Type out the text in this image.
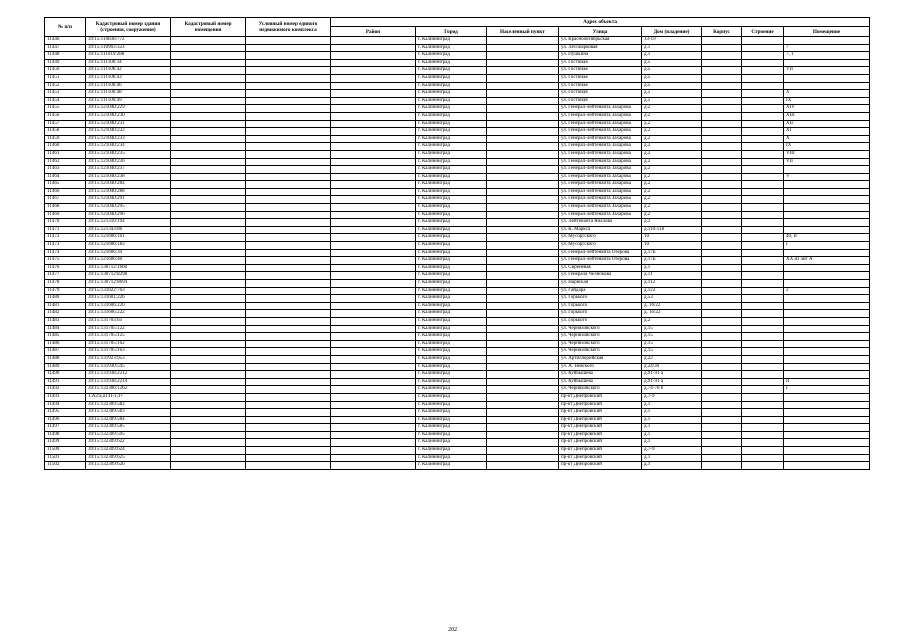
№ п/п	Кадастровый номер здания (строения, сооружения)	Кадастровый номер помещения	Условный номер единого недвижимого комплекса	Адрес объекта							
				Район	Город	Населенный пункт	Улица	Дом (владение)	Корпус	Строение	Помещение
11446	39:15:110838:772				г. Калининград		ул. Краснооктябрьская	13-19			
11447	39:15:110903:323				г. Калининград		ул. Лесопарковая	д.1			7
11448	39:15:111019:288				г. Калининград		ул. Пушкина	д.1			7, 1
11449	39:15:111106:34				г. Калининград		ул. Гостиная	д.5			
11450	39:15:111106:42				г. Калининград		ул. Гостиная	д.5			VII
11451	39:15:111106:43				г. Калининград		ул. Гостиная	д.5			
11452	39:15:111106:46				г. Калининград		ул. Гостиная	д.5			
11453	39:15:111106:48				г. Калининград		ул. Гостиная	д.5			X
11454	39:15:111106:49				г. Калининград		ул. Гостиная	д.5			IX
11455	39:15:121040:229				г. Калининград		ул. Генерал-лейтенанта Захарова	д.2			XIV
11456	39:15:121040:230				г. Калининград		ул. Генерал-лейтенанта Захарова	д.2			XIII
11457	39:15:121040:231				г. Калининград		ул. Генерал-лейтенанта Захарова	д.2			XII
11458	39:15:121040:232				г. Калининград		ул. Генерал-лейтенанта Захарова	д.2			XI
11459	39:15:121040:233				г. Калининград		ул. Генерал-лейтенанта Захарова	д.2			X
11460	39:15:121040:234				г. Калининград		ул. Генерал-лейтенанта Захарова	д.2			IX
11461	39:15:121040:235				г. Калининград		ул. Генерал-лейтенанта Захарова	д.2			VIII
11462	39:15:121040:236				г. Калининград		ул. Генерал-лейтенанта Захарова	д.2			VII
11463	39:15:121040:237				г. Калининград		ул. Генерал-лейтенанта Захарова	д.2			
11464	39:15:121040:238				г. Калининград		ул. Генерал-лейтенанта Захарова	д.2			V
11465	39:15:121040:284				г. Калининград		ул. Генерал-лейтенанта Захарова	д.2			
11466	39:15:121040:288				г. Калининград		ул. Генерал-лейтенанта Захарова	д.2			
11467	39:15:121040:291				г. Калининград		ул. Генерал-лейтенанта Захарова	д.2			
11468	39:15:121040:295				г. Калининград		ул. Генерал-лейтенанта Захарова	д.2			
11469	39:15:121040:296				г. Калининград		ул. Генерал-лейтенанта Захарова	д.2			
11470	39:15:121310:194				г. Калининград		ул. Лейтенанта Яналова	д.2			
11471	39:15:121343:86				г. Калининград		ул. К. Маркса	д.110-118			
11472	39:15:121606:161				г. Калининград		ул. Мусоргского	10			40, II
11473	39:15:121606:183				г. Калининград		ул. Мусоргского	10			I
11474	39:15:121606:39				г. Калининград		ул. Генерал-лейтенанта Озерова	д.17Б			
11475	39:15:121606:40				г. Калининград		ул. Генерал-лейтенанта Озерова	д.17Б			XX из лит А
11476	39:15:130712:1660				г. Калининград		ул. Сиреневая	д.1			
11477	39:15:130712:8298				г. Калининград		ул. Генерала Челнокова	д.11			
11478	39:15:130712:8694				г. Калининград		ул. Нарвская	д.112			
11479	39:15:131822:763				г. Калининград		ул. Гайдара	д.122			2
11480	39:15:131601:226				г. Калининград		ул. Горького	д.53			
11481	39:15:131606:220				г. Калининград		ул. Горького	д. 16/22			
11482	39:15:131606:222				г. Калининград		ул. Горького	д. 16/22			
11483	39:15:131703:63				г. Калининград		ул. Горького	д.2			
11484	39:15:131705:122				г. Калининград		ул. Черняховского	д.15			
11485	39:15:131705:125				г. Калининград		ул. Черняховского	д.15			
11486	39:15:131705:162				г. Калининград		ул. Черняховского	д.15			
11487	39:15:131705:163				г. Калининград		ул. Черняховского	д.15			
11488	39:15:131923:953				г. Калининград		ул. Артиллерийская	д.22			
11489	39:15:131930:545				г. Калининград		ул. А. Невского	д.24/30			
11490	39:15:131938:2212				г. Калининград		ул. Куйбышева	д.91-91 а			
11491	39:15:131938:2214				г. Калининград		ул. Куйбышева	д.91-91 а			II
11492	39:15:132306:1262				г. Калининград		ул. Черняховского	д.74-76 б			I
11493	1.А2:а,а1:П-1,1+				г. Калининград		пр-кт Днепровский	д.7-9			
11494	39:15:132309:582				г. Калининград		пр-кт Днепровский	д.1			
11495	39:15:132309:583				г. Калининград		пр-кт Днепровский	д.1			
11496	39:15:132309:584				г. Калининград		пр-кт Днепровский	д.1			
11497	39:15:132309:585				г. Калининград		пр-кт Днепровский	д.1			
11498	39:15:132309:595				г. Калининград		пр-кт Днепровский	д.1			
11499	39:15:132309:622				г. Калининград		пр-кт Днепровский	д.1			
11500	39:15:132309:624				г. Калининград		пр-кт Днепровский	д.7-9			
11501	39:15:132309:625				г. Калининград		пр-кт Днепровский	д.1			
11502	39:15:132309:626				г. Калининград		пр-кт Днепровский	д.1			
202
